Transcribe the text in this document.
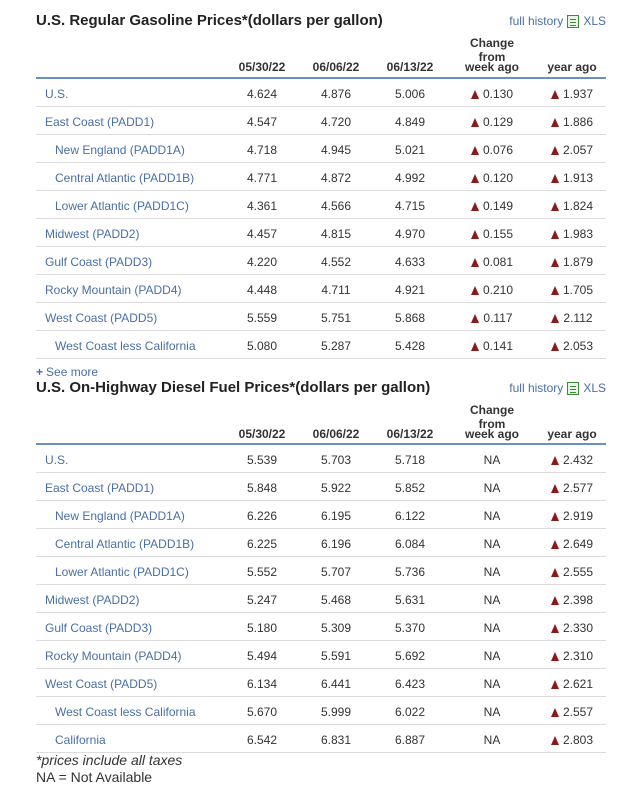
U.S. Regular Gasoline Prices*(dollars per gallon)	full history XLS
Change from
05/30/22	06/06/22	06/13/22	week ago	year ago
U.S.	4.624	4.876	5.006	0.130	1.937
East Coast (PADD1)	4.547	4.720	4.849	0.129	1.886
New England (PADD1A)	4.718	4.945	5.021	0.076	2.057
Central Atlantic (PADD1B)	4.771	4.872	4.992	0.120	1.913
Lower Atlantic (PADD1C)	4.361	4.566	4.715	0.149	1.824
Midwest (PADD2)	4.457	4.815	4.970	0.155	1.983
Gulf Coast (PADD3)	4.220	4.552	4.633	0.081	1.879
Rocky Mountain (PADD4)	4.448	4.711	4.921	0.210	1.705
West Coast (PADD5)	5.559	5.751	5.868	0.117	2.112
West Coast less California	5.080	5.287	5.428	0.141	2.053
+ See more
U.S. On-Highway Diesel Fuel Prices*(dollars per gallon)	full history XLS
Change from
05/30/22	06/06/22	06/13/22	week ago	year ago
U.S.	5.539	5.703	5.718	NA	2.432
East Coast (PADD1)	5.848	5.922	5.852	NA	2.577
New England (PADD1A)	6.226	6.195	6.122	NA	2.919
Central Atlantic (PADD1B)	6.225	6.196	6.084	NA	2.649
Lower Atlantic (PADD1C)	5.552	5.707	5.736	NA	2.555
Midwest (PADD2)	5.247	5.468	5.631	NA	2.398
Gulf Coast (PADD3)	5.180	5.309	5.370	NA	2.330
Rocky Mountain (PADD4)	5.494	5.591	5.692	NA	2.310
West Coast (PADD5)	6.134	6.441	6.423	NA	2.621
West Coast less California	5.670	5.999	6.022	NA	2.557
California	6.542	6.831	6.887	NA	2.803
*prices include all taxes
NA = Not Available
